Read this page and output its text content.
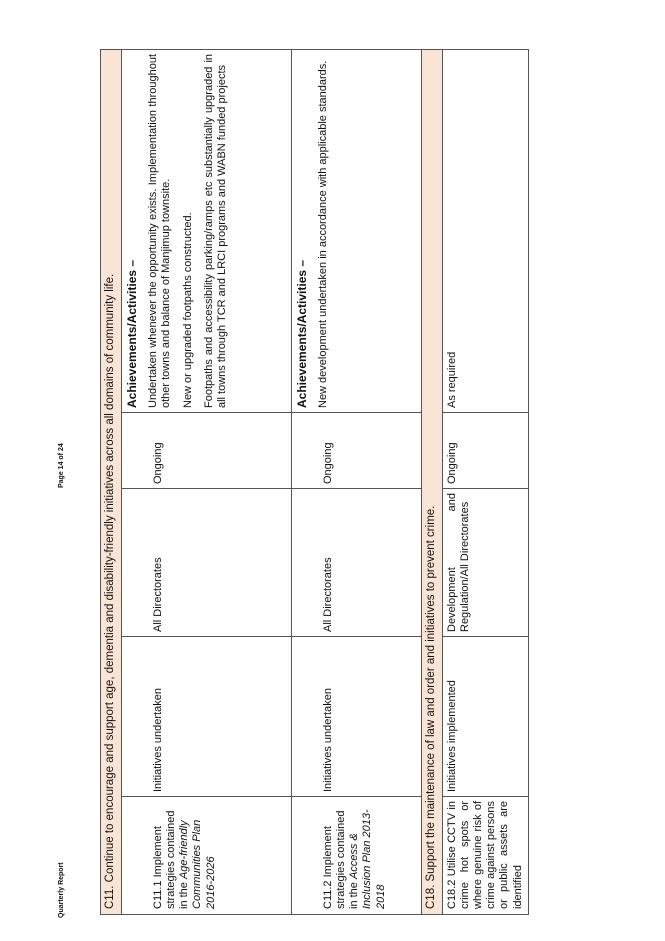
C11. Continue to encourage and support age, dementia and disability-friendly initiatives across all domains of community life.				
C11.1 Implement strategies contained in the Age-friendly Communities Plan 2016-2026	Initiatives undertaken	All Directorates	Ongoing	Achievements/Activities – Undertaken whenever the opportunity exists. Implementation throughout other towns and balance of Manjimup townsite. New or upgraded footpaths constructed. Footpaths and accessibility parking/ramps etc substantially upgraded in all towns through TCR and LRCI programs and WABN funded projects

C11.2 Implement strategies contained in the Access & Inclusion Plan 2013-2018	Initiatives undertaken	All Directorates	Ongoing	Achievements/Activities – New development undertaken in accordance with applicable standards.

C18. Support the maintenance of law and order and initiatives to prevent crime.				
C18.2 Utilise CCTV in crime hot spots or where genuine risk of crime against persons or public assets are identified	Initiatives implemented	Development and Regulation/All Directorates	Ongoing	As required
Quarterly Report
Page 14 of 24
